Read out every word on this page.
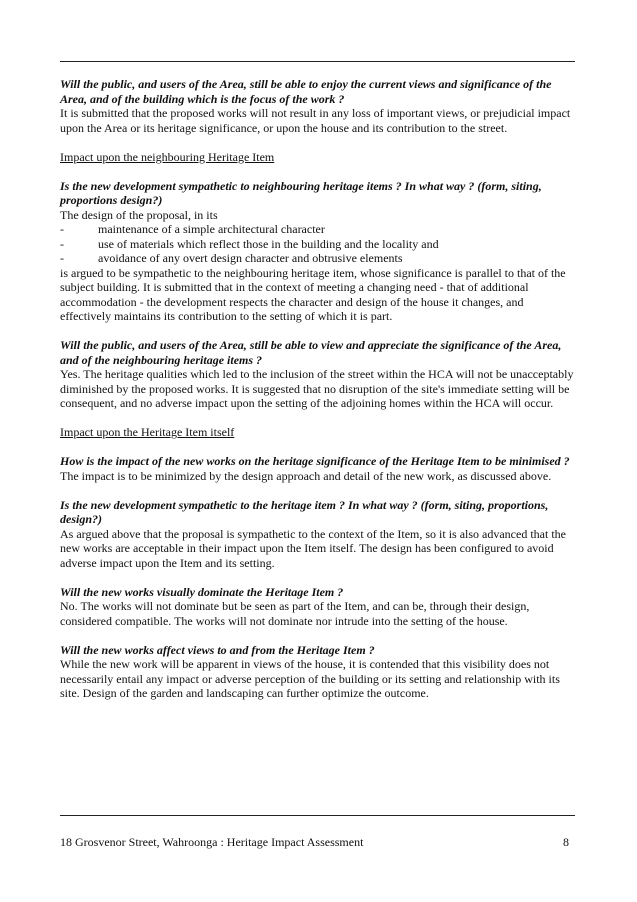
Will the public, and users of the Area, still be able to enjoy the current views and significance of the Area, and of the building which is the focus of the work ?
It is submitted that the proposed works will not result in any loss of important views, or prejudicial impact upon the Area or its heritage significance, or upon the house and its contribution to the street.
Impact upon the neighbouring Heritage Item
Is the new development sympathetic to neighbouring heritage items ? In what way ? (form, siting, proportions design?)
The design of the proposal, in its
-	maintenance of a simple architectural character
-	use of materials which reflect those in the building and the locality and
-	avoidance of any overt design character and obtrusive elements
is argued to be sympathetic to the neighbouring heritage item, whose significance is parallel to that of the subject building. It is submitted that in the context of meeting a changing need - that of additional accommodation - the development respects the character and design of the house it changes, and effectively maintains its contribution to the setting of which it is part.
Will the public, and users of the Area, still be able to view and appreciate the significance of the Area, and of the neighbouring heritage items ?
Yes. The heritage qualities which led to the inclusion of the street within the HCA will not be unacceptably diminished by the proposed works. It is suggested that no disruption of the site's immediate setting will be consequent, and no adverse impact upon the setting of the adjoining homes within the HCA will occur.
Impact upon the Heritage Item itself
How is the impact of the new works on the heritage significance of the Heritage Item to be minimised ?
The impact is to be minimized by the design approach and detail of the new work, as discussed above.
Is the new development sympathetic to the heritage item ? In what way ? (form, siting, proportions, design?)
As argued above that the proposal is sympathetic to the context of the Item, so it is also advanced that the new works are acceptable in their impact upon the Item itself. The design has been configured to avoid adverse impact upon the Item and its setting.
Will the new works visually dominate the Heritage Item ?
No. The works will not dominate but be seen as part of the Item, and can be, through their design, considered compatible. The works will not dominate nor intrude into the setting of the house.
Will the new works affect views to and from the Heritage Item ?
While the new work will be apparent in views of the house, it is contended that this visibility does not necessarily entail any impact or adverse perception of the building or its setting and relationship with its site. Design of the garden and landscaping can further optimize the outcome.
18 Grosvenor Street, Wahroonga : Heritage Impact Assessment	8
